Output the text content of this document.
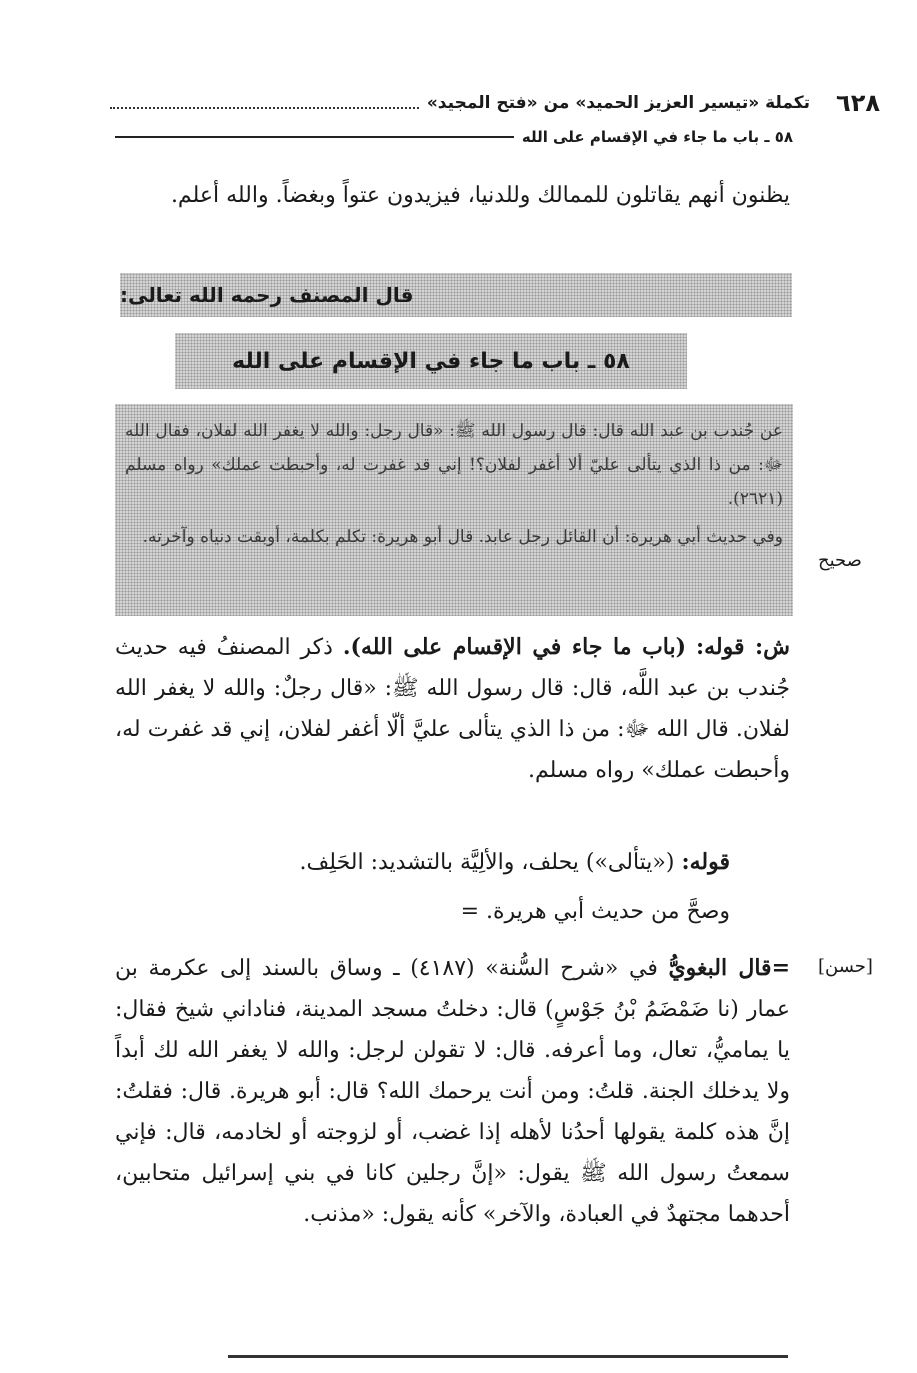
٦٢٨
تكملة «تيسير العزيز الحميد» من «فتح المجيد»
٥٨ ـ باب ما جاء في الإقسام على الله
يظنون أنهم يقاتلون للممالك وللدنيا، فيزيدون عتواً وبغضاً. والله أعلم.
قال المصنف رحمه الله تعالى:
٥٨ ـ باب ما جاء في الإقسام على الله

عن جُندب بن عبد الله قال: قال رسول الله ﷺ: «قال رجل: والله لا يغفر الله لفلان، فقال الله ﷻ: من ذا الذي يتألى عليّ ألا أغفر لفلان؟! إني قد غفرت له، وأحبطت عملك» رواه مسلم (٢٦٢١).

وفي حديث أبي هريرة: أن القائل رجل عابد. قال أبو هريرة: تكلم بكلمة، أوبقت دنياه وآخرته.

صحيح
ش: قوله: (باب ما جاء في الإقسام على الله). ذكر المصنفُ فيه حديث جُندب بن عبد اللَّه، قال: قال رسول الله ﷺ: «قال رجلٌ: والله لا يغفر الله لفلان. قال الله ﷻ: من ذا الذي يتألى عليَّ ألّا أغفر لفلان، إني قد غفرت له، وأحبطت عملك» رواه مسلم.
قوله: («يتألى») يحلف، والألِيَّة بالتشديد: الحَلِف.
وصحَّ من حديث أبي هريرة. =
[حسن]
=قال البغويُّ في «شرح السُّنة» (٤١٨٧) ـ وساق بالسند إلى عكرمة بن عمار (نا ضَمْضَمُ بْنُ جَوْسٍ) قال: دخلتُ مسجد المدينة، فناداني شيخ فقال: يا يماميُّ، تعال، وما أعرفه. قال: لا تقولن لرجل: والله لا يغفر الله لك أبداً ولا يدخلك الجنة. قلتُ: ومن أنت يرحمك الله؟ قال: أبو هريرة. قال: فقلتُ: إنَّ هذه كلمة يقولها أحدُنا لأهله إذا غضب، أو لزوجته أو لخادمه، قال: فإني سمعتُ رسول الله ﷺ يقول: «إنَّ رجلين كانا في بني إسرائيل متحابين، أحدهما مجتهدٌ في العبادة، والآخر» كأنه يقول: «مذنب.
